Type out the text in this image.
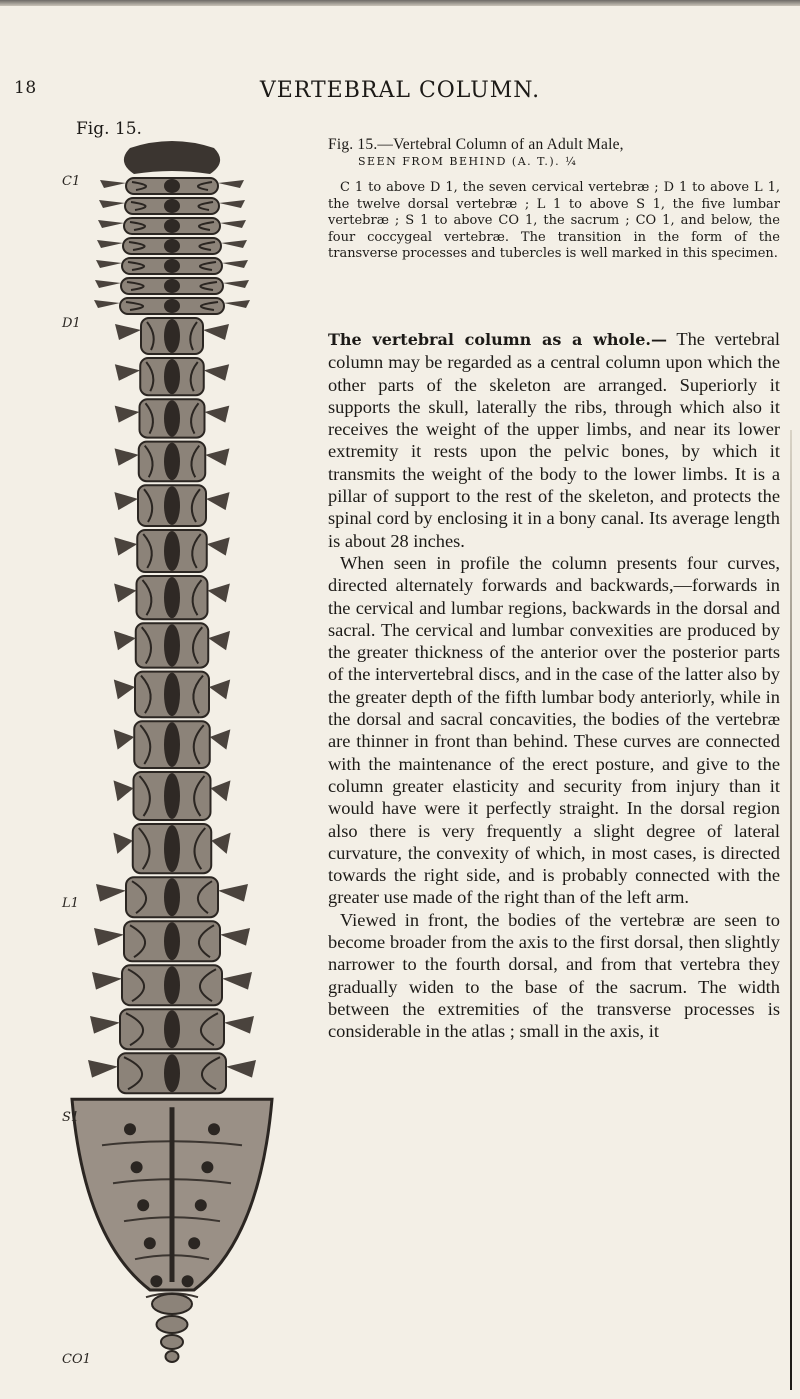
18	VERTEBRAL COLUMN.
Fig. 15.
C1
D1
L1
S1
CO1

Fig. 15.—Vertebral Column of an Adult Male,

SEEN FROM BEHIND (A. T.). ¼

C 1 to above D 1, the seven cervical vertebræ ; D 1 to above L 1, the twelve dorsal vertebræ ; L 1 to above S 1, the five lumbar vertebræ ; S 1 to above CO 1, the sacrum ; CO 1, and below, the four coccygeal vertebræ. The transition in the form of the transverse processes and tubercles is well marked in this specimen.

The vertebral column as a whole.— The vertebral column may be regarded as a central column upon which the other parts of the skeleton are arranged. Superiorly it supports the skull, laterally the ribs, through which also it receives the weight of the upper limbs, and near its lower extremity it rests upon the pelvic bones, by which it transmits the weight of the body to the lower limbs. It is a pillar of support to the rest of the skeleton, and protects the spinal cord by enclosing it in a bony canal. Its average length is about 28 inches.

When seen in profile the column presents four curves, directed alternately forwards and backwards,—forwards in the cervical and lumbar regions, backwards in the dorsal and sacral. The cervical and lumbar convexities are produced by the greater thickness of the anterior over the posterior parts of the intervertebral discs, and in the case of the latter also by the greater depth of the fifth lumbar body anteriorly, while in the dorsal and sacral concavities, the bodies of the vertebræ are thinner in front than behind. These curves are connected with the maintenance of the erect posture, and give to the column greater elasticity and security from injury than it would have were it perfectly straight. In the dorsal region also there is very frequently a slight degree of lateral curvature, the convexity of which, in most cases, is directed towards the right side, and is probably connected with the greater use made of the right than of the left arm.

Viewed in front, the bodies of the vertebræ are seen to become broader from the axis to the first dorsal, then slightly narrower to the fourth dorsal, and from that vertebra they gradually widen to the base of the sacrum. The width between the extremities of the transverse processes is considerable in the atlas ; small in the axis, it
